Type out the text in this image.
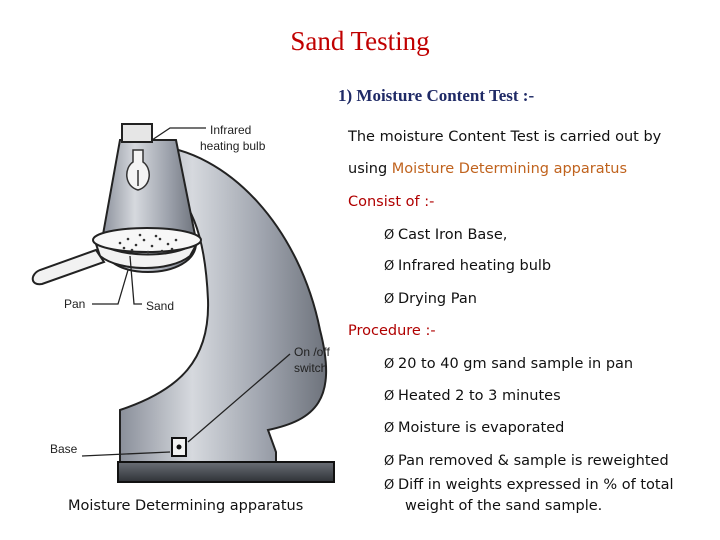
Sand Testing
1) Moisture Content Test :-
Infrared
heating bulb
Pan	Sand
On /off
switch
Base
Moisture Determining apparatus
The moisture Content Test is carried out by
using Moisture Determining apparatus
Consist of :-
Ø Cast Iron Base,
Ø Infrared heating bulb
Ø Drying Pan
Procedure :-
Ø 20 to 40 gm sand sample in pan
Ø Heated 2 to 3 minutes
Ø Moisture is evaporated
Ø Pan removed & sample is reweighted
Ø Diff in weights expressed in % of total
weight of the sand sample.
